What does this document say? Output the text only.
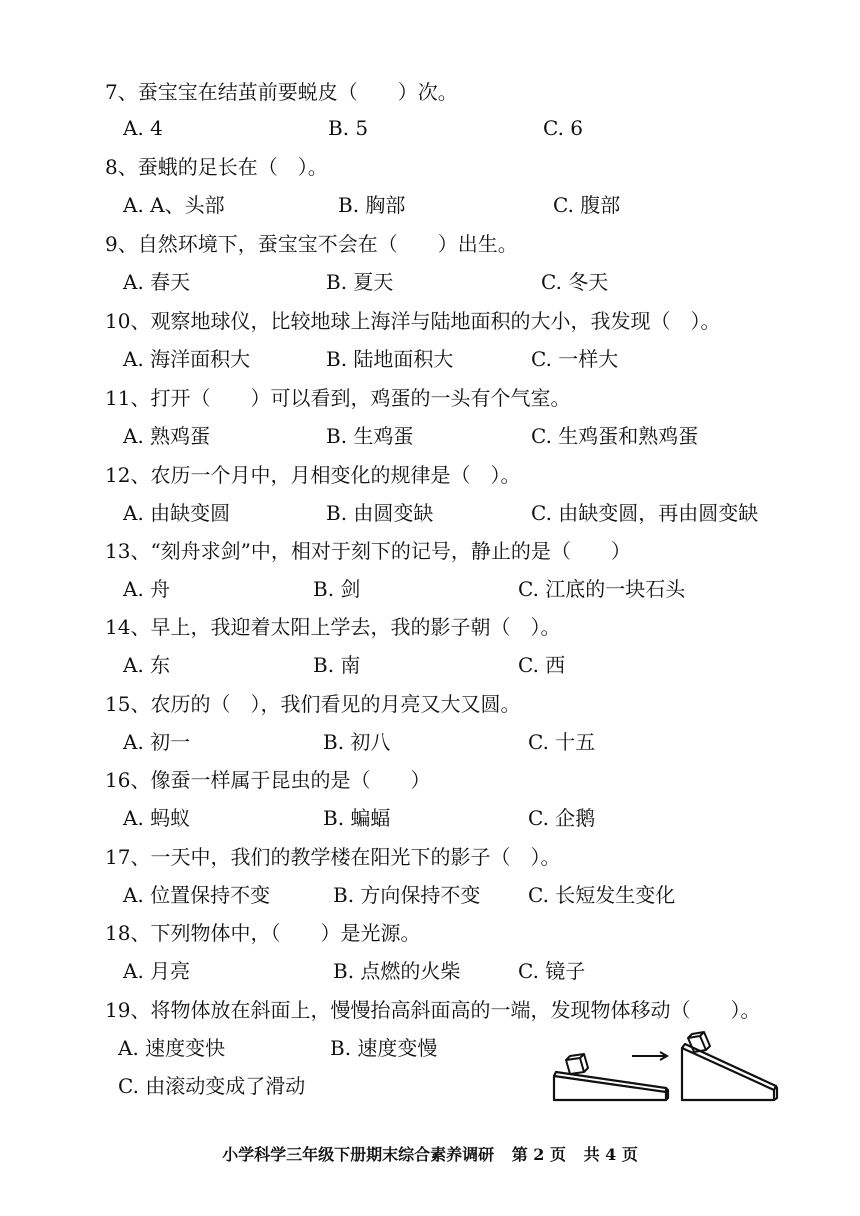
7、蚕宝宝在结茧前要蜕皮（　　）次。
A. 4	B. 5	C. 6
8、蚕蛾的足长在（　）。
A. A、头部	B. 胸部	C. 腹部
9、自然环境下，蚕宝宝不会在（　　）出生。
A. 春天	B. 夏天	C. 冬天
10、观察地球仪，比较地球上海洋与陆地面积的大小，我发现（　）。
A. 海洋面积大	B. 陆地面积大	C. 一样大
11、打开（　　）可以看到，鸡蛋的一头有个气室。
A. 熟鸡蛋	B. 生鸡蛋	C. 生鸡蛋和熟鸡蛋
12、农历一个月中，月相变化的规律是（　）。
A. 由缺变圆	B. 由圆变缺	C. 由缺变圆，再由圆变缺
13、“刻舟求剑”中，相对于刻下的记号，静止的是（　　）
A. 舟	B. 剑	C. 江底的一块石头
14、早上，我迎着太阳上学去，我的影子朝（　）。
A. 东	B. 南	C. 西
15、农历的（　），我们看见的月亮又大又圆。
A. 初一	B. 初八	C. 十五
16、像蚕一样属于昆虫的是（　　）
A. 蚂蚁	B. 蝙蝠	C. 企鹅
17、一天中，我们的教学楼在阳光下的影子（　）。
A. 位置保持不变	B. 方向保持不变 C. 长短发生变化
18、下列物体中，（　　）是光源。
A. 月亮	B. 点燃的火柴	C. 镜子
19、将物体放在斜面上，慢慢抬高斜面高的一端，发现物体移动（　　）。
A. 速度变快	B. 速度变慢
C. 由滚动变成了滑动
小学科学三年级下册期末综合素养调研 第 2 页 共 4 页
